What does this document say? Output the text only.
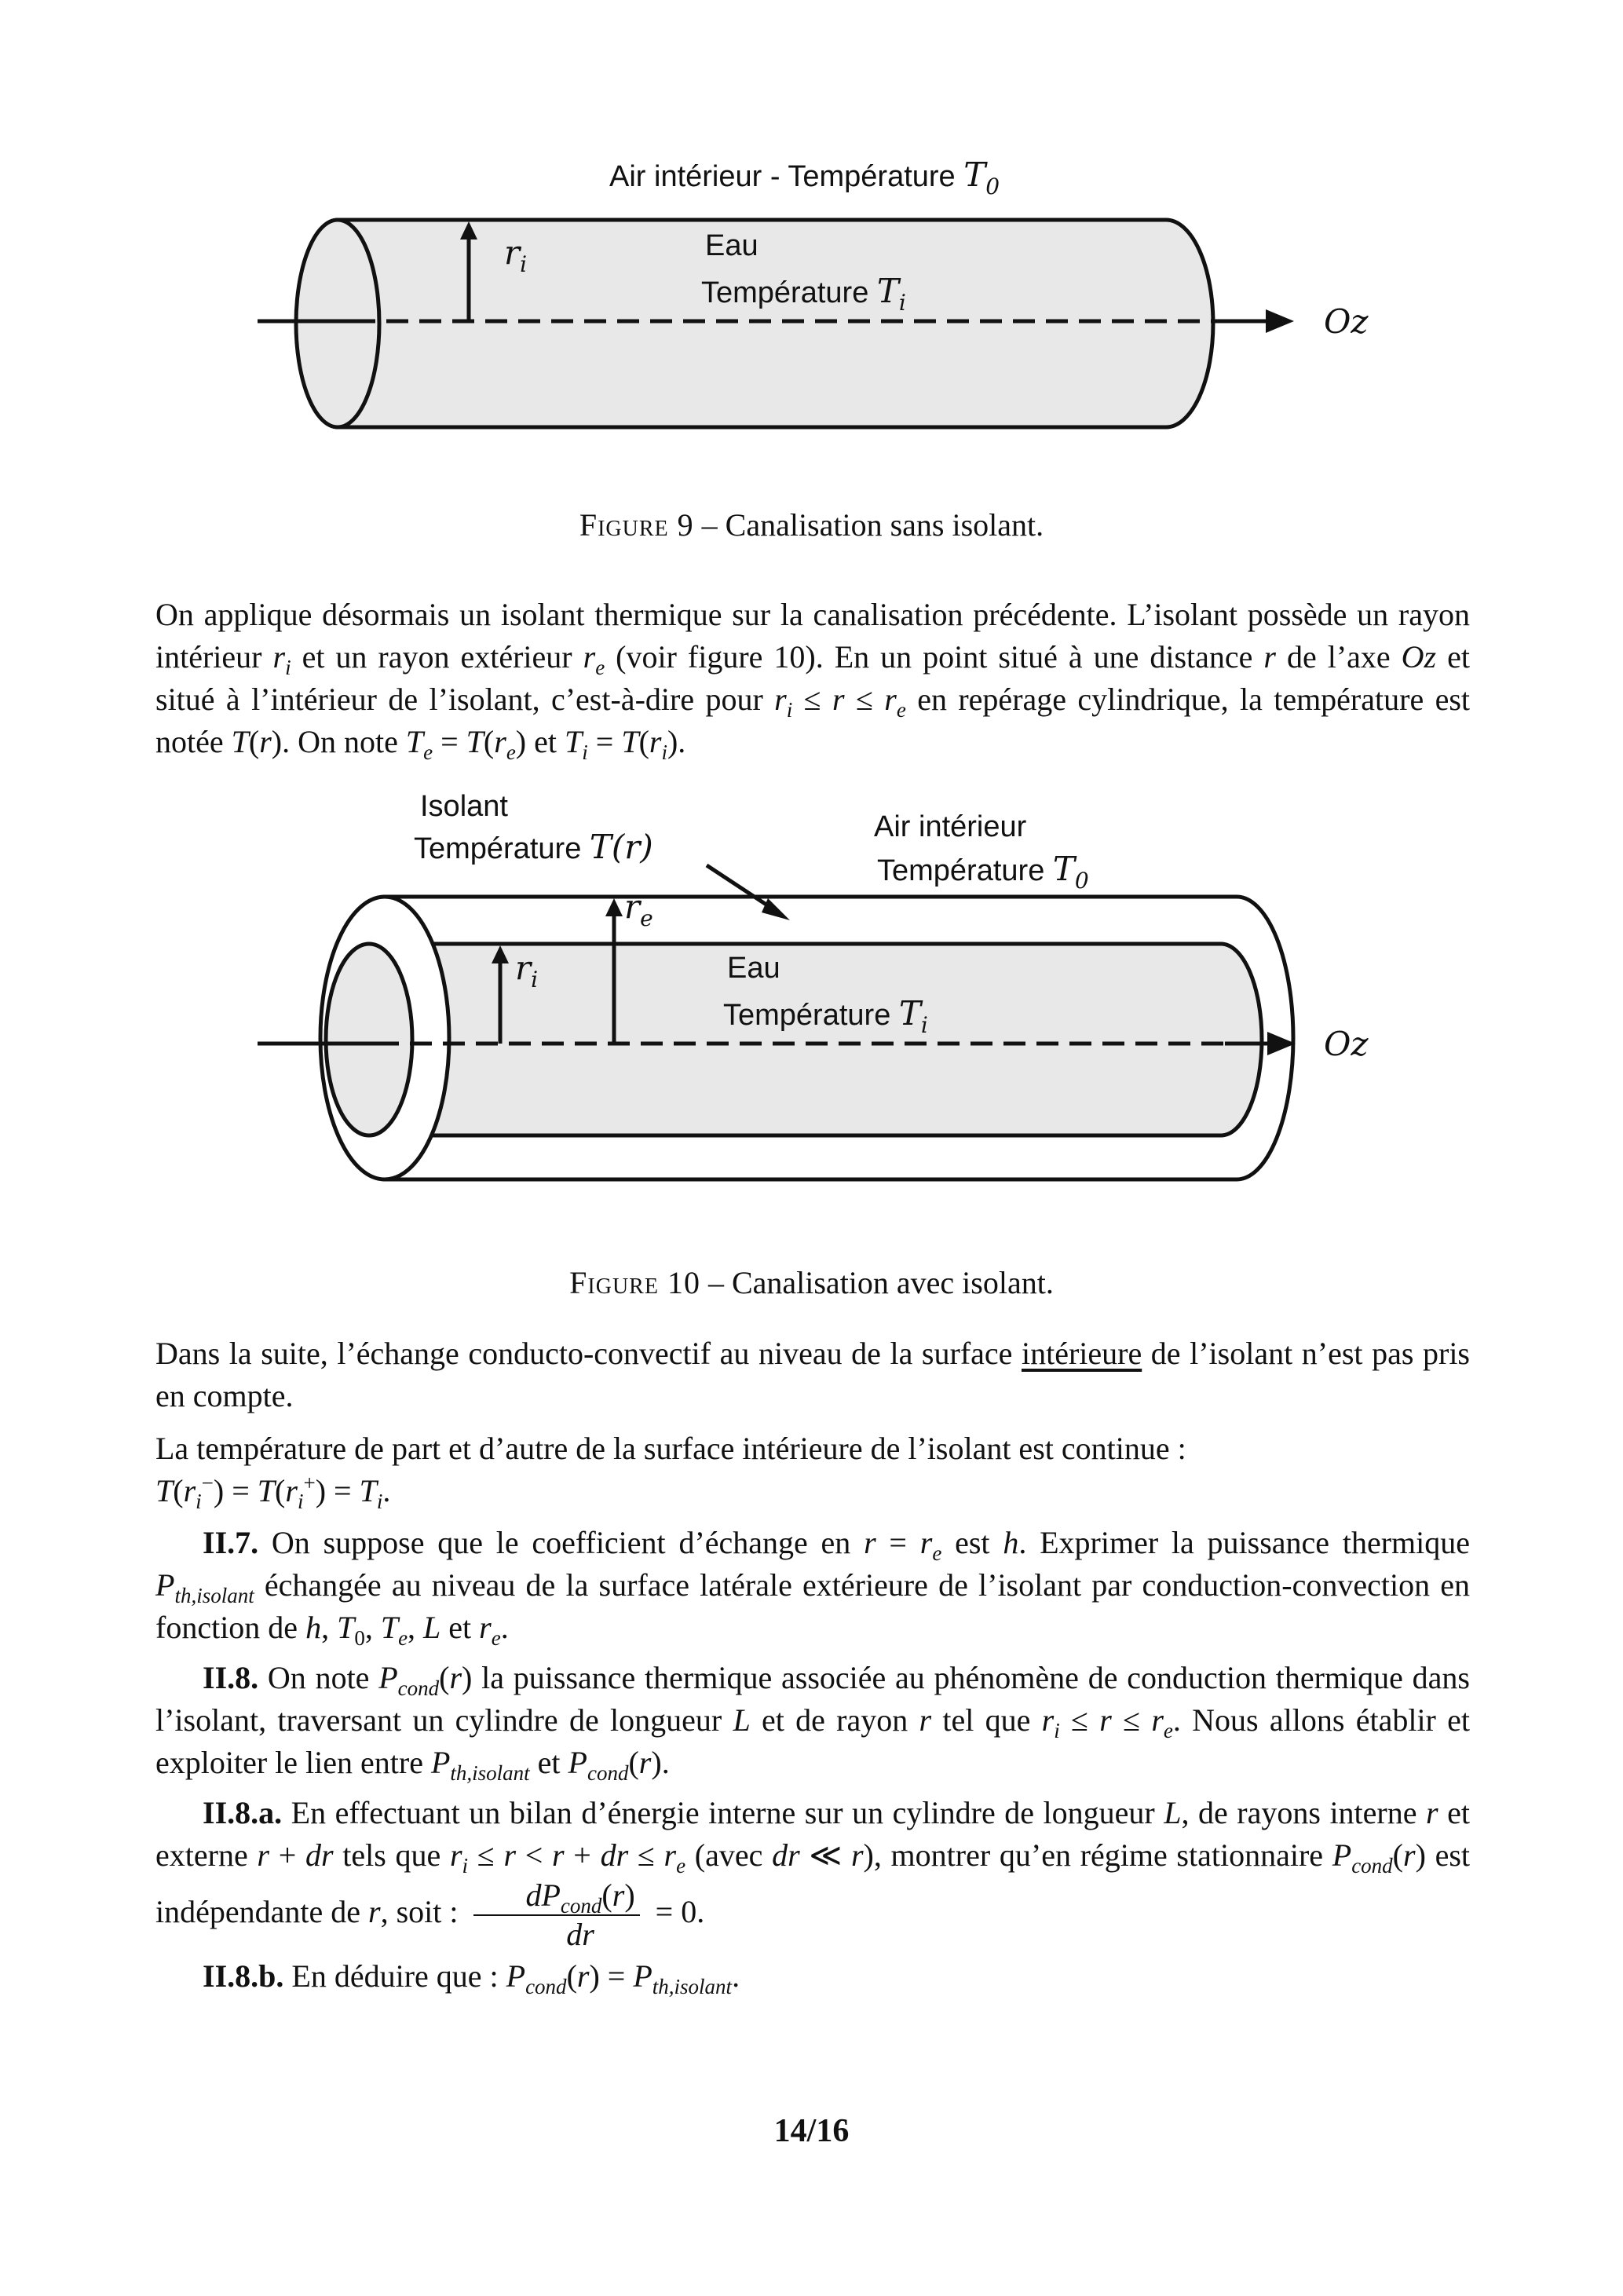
Air intérieur - Température $T_0$
Eau
Température $T_i$
$r_i$
Oz
Figure 9 – Canalisation sans isolant.
On applique désormais un isolant thermique sur la canalisation précédente. L’isolant possède un rayon intérieur $r_i$ et un rayon extérieur $r_e$ (voir figure 10). En un point situé à une distance r de l’axe Oz et situé à l’intérieur de l’isolant, c’est-à-dire pour $r_i \le r \le r_e$ en repérage cylindrique, la température est notée T(r). On note $T_e = T(r_e)$ et $T_i = T(r_i)$.
Isolant
Température T(r)
Air intérieur
Température $T_0$
$r_e$
$r_i$	Eau
Température $T_i$	Oz
Figure 10 – Canalisation avec isolant.
Dans la suite, l’échange conducto-convectif au niveau de la surface intérieure de l’isolant n’est pas pris en compte.
La température de part et d’autre de la surface intérieure de l’isolant est continue :
$T(r_i^-) = T(r_i^+) = T_i$.
II.7. On suppose que le coefficient d’échange en $r = r_e$ est h. Exprimer la puissance thermique $P_{th,isolant}$ échangée au niveau de la surface latérale extérieure de l’isolant par conduction-convection en fonction de h, $T_0$, $T_e$, L et $r_e$.
II.8. On note $P_{cond}(r)$ la puissance thermique associée au phénomène de conduction thermique dans l’isolant, traversant un cylindre de longueur L et de rayon r tel que $r_i \le r \le r_e$. Nous allons établir et exploiter le lien entre $P_{th,isolant}$ et $P_{cond}(r)$.
II.8.a. En effectuant un bilan d’énergie interne sur un cylindre de longueur L, de rayons interne r et externe r + dr tels que $r_i \le r < r$ + dr ≤ $r_e$ (avec dr ≪ r), montrer qu’en régime stationnaire $P_{cond}(r)$ est indépendante de r, soit : $\frac{dP_{cond}(r)}{dr} = 0$.
II.8.b. En déduire que : $P_{cond}(r) = P_{th,isolant}$.
14/16
